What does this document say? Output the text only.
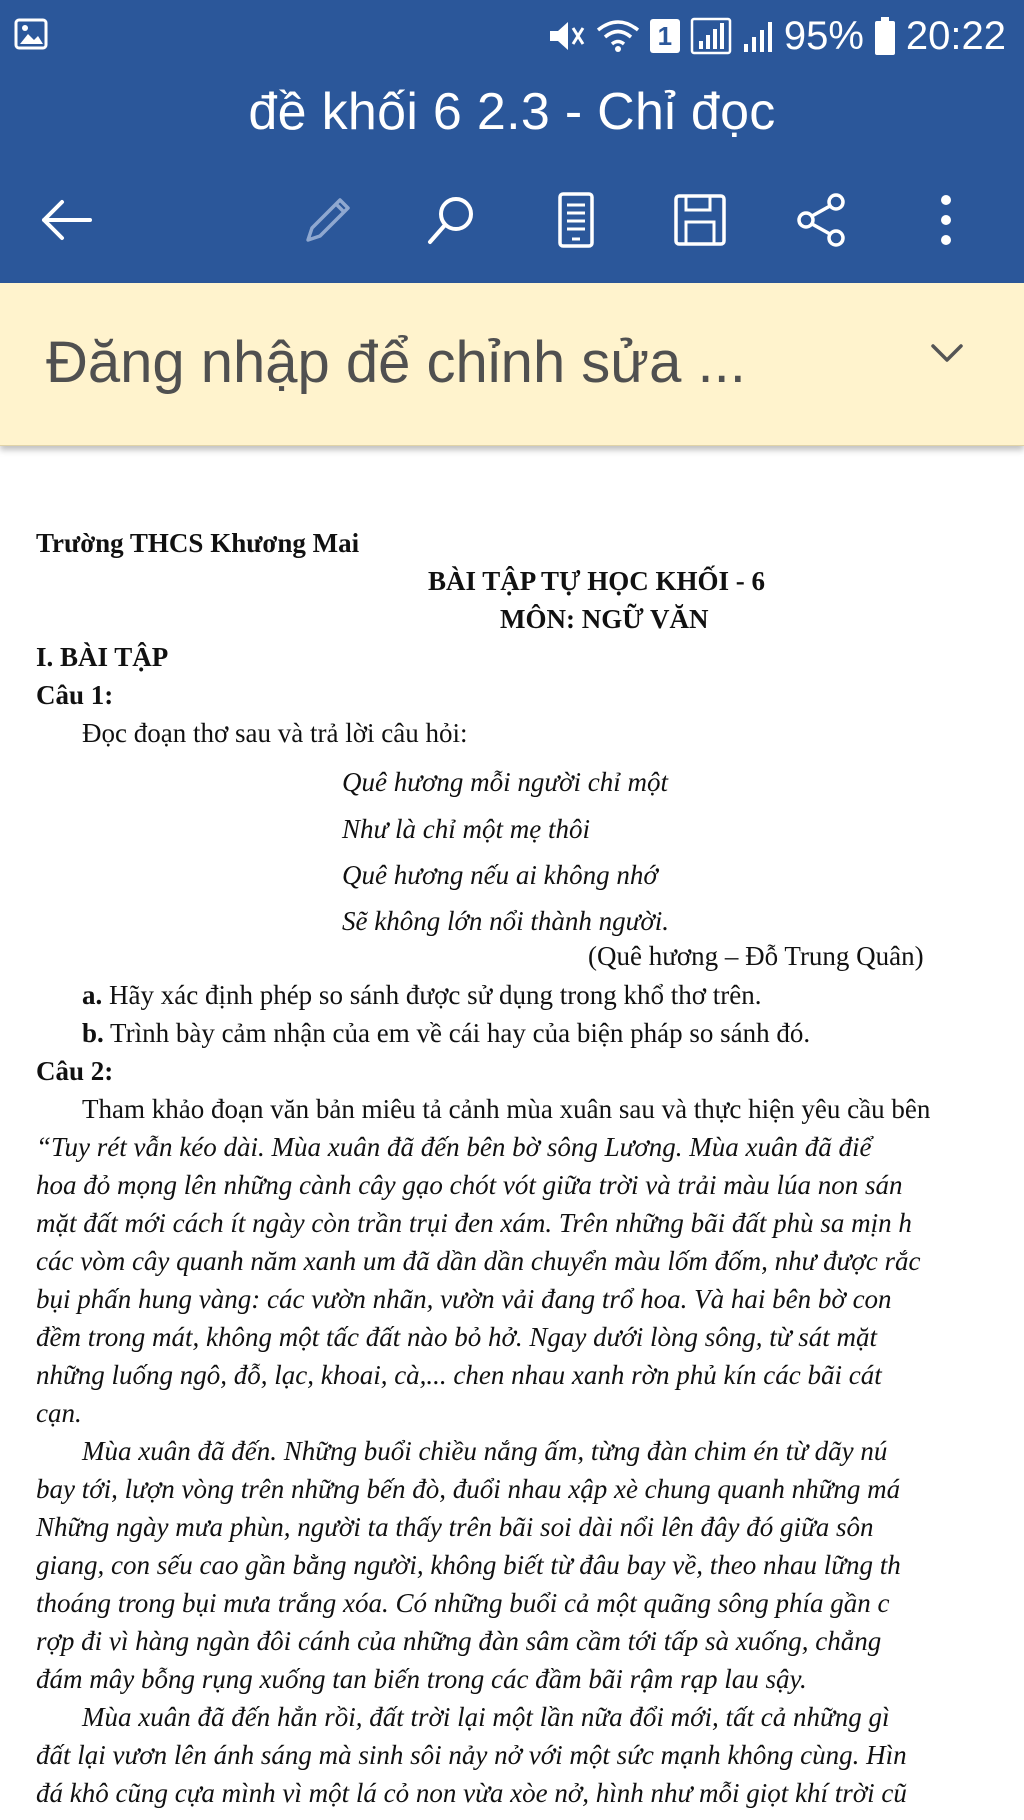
1	95% 20:22
đề khối 6 2.3 - Chỉ đọc
Đăng nhập để chỉnh sửa ...
Trường THCS Khương Mai
BÀI TẬP TỰ HỌC KHỐI - 6
MÔN: NGỮ VĂN
I. BÀI TẬP
Câu 1:
Đọc đoạn thơ sau và trả lời câu hỏi:
Quê hương mỗi người chỉ một
Như là chỉ một mẹ thôi
Quê hương nếu ai không nhớ
Sẽ không lớn nổi thành người.
(Quê hương – Đỗ Trung Quân)
a. Hãy xác định phép so sánh được sử dụng trong khổ thơ trên.
b. Trình bày cảm nhận của em về cái hay của biện pháp so sánh đó.
Câu 2:
Tham khảo đoạn văn bản miêu tả cảnh mùa xuân sau và thực hiện yêu cầu bên
“Tuy rét vẫn kéo dài. Mùa xuân đã đến bên bờ sông Lương. Mùa xuân đã điể
hoa đỏ mọng lên những cành cây gạo chót vót giữa trời và trải màu lúa non sán
mặt đất mới cách ít ngày còn trần trụi đen xám. Trên những bãi đất phù sa mịn h
các vòm cây quanh năm xanh um đã dần dần chuyển màu lốm đốm, như được rắc
bụi phấn hung vàng: các vườn nhãn, vườn vải đang trổ hoa. Và hai bên bờ con
đềm trong mát, không một tấc đất nào bỏ hở. Ngay dưới lòng sông, từ sát mặt
những luống ngô, đỗ, lạc, khoai, cà,... chen nhau xanh rờn phủ kín các bãi cát
cạn.
Mùa xuân đã đến. Những buổi chiều nắng ấm, từng đàn chim én từ dãy nú
bay tới, lượn vòng trên những bến đò, đuổi nhau xập xè chung quanh những má
Những ngày mưa phùn, người ta thấy trên bãi soi dài nổi lên đây đó giữa sôn
giang, con sếu cao gần bằng người, không biết từ đâu bay về, theo nhau lững th
thoáng trong bụi mưa trắng xóa. Có những buổi cả một quãng sông phía gần c
rợp đi vì hàng ngàn đôi cánh của những đàn sâm cầm tới tấp sà xuống, chẳng
đám mây bỗng rụng xuống tan biến trong các đầm bãi rậm rạp lau sậy.
Mùa xuân đã đến hẳn rồi, đất trời lại một lần nữa đổi mới, tất cả những gì
đất lại vươn lên ánh sáng mà sinh sôi nảy nở với một sức mạnh không cùng. Hìn
đá khô cũng cựa mình vì một lá cỏ non vừa xòe nở, hình như mỗi giọt khí trời cũ
